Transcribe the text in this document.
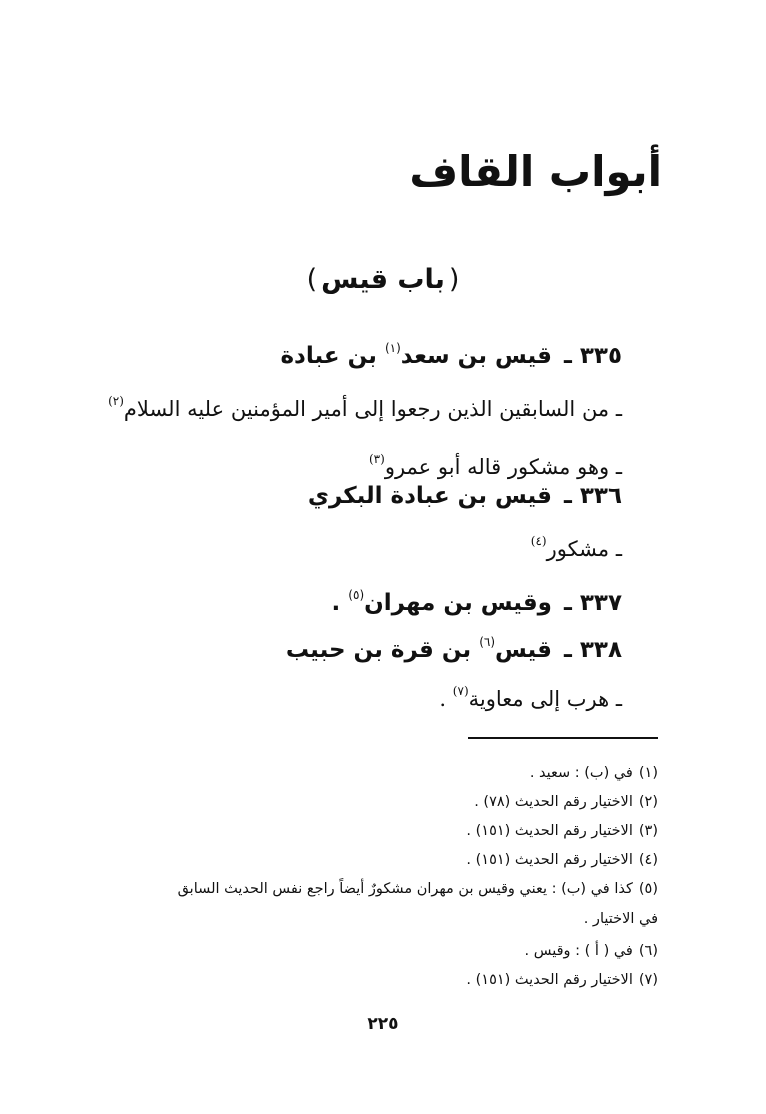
أبواب القاف
(باب قيس)
٣٣٥ ـ قيس بن سعد$^{(١)}$ بن عبادة
ـ من السابقين الذين رجعوا إلى أمير المؤمنين عليه السلام$^{(٢)}$
ـ وهو مشكور قاله أبو عمرو$^{(٣)}$
٣٣٦ ـ قيس بن عبادة البكري
ـ مشكور$^{(٤)}$
٣٣٧ ـ وقيس بن مهران$^{(٥)}$ .
٣٣٨ ـ قيس$^{(٦)}$ بن قرة بن حبيب
ـ هرب إلى معاوية$^{(٧)}$ .
(١)في (ب) : سعيد .
(٢)الاختيار رقم الحديث (٧٨) .
(٣)الاختيار رقم الحديث (١٥١) .
(٤)الاختيار رقم الحديث (١٥١) .
(٥)كذا في (ب) : يعني وقيس بن مهران مشكورٌ أيضاً راجع نفس الحديث السابق
في الاختيار .
(٦)في ( أ ) : وقيس .
(٧)الاختيار رقم الحديث (١٥١) .
٢٢٥
